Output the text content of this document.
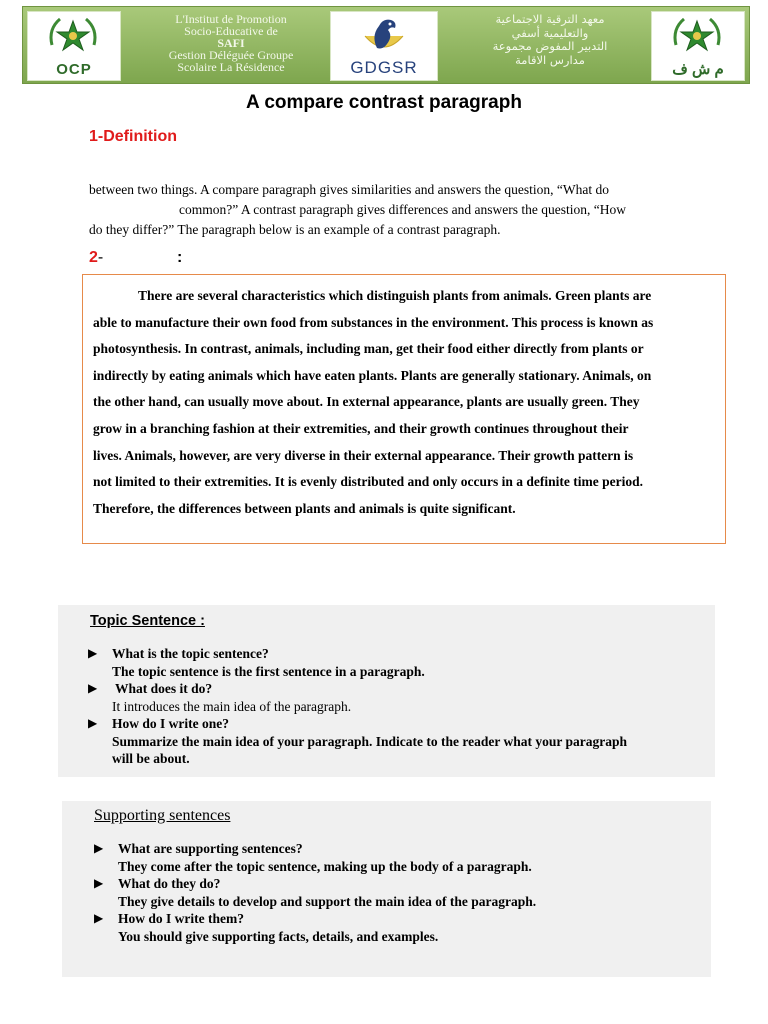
OCP
L'Institut de Promotion
Socio-Educative de
SAFI
Gestion Déléguée Groupe
Scolaire La Résidence	GDGSR
معهد الترقية الاجتماعية
والتعليمية أسفي
التدبير المفوض مجموعة
مدارس الاقامة
م ش ف
A compare contrast paragraph
1-Definition
between two things. A compare paragraph gives similarities and answers the question, “What do
common?” A contrast paragraph gives differences and answers the question, “How
do they differ?” The paragraph below is an example of a contrast paragraph.
2-	:
There are several characteristics which distinguish plants from animals. Green plants are
able to manufacture their own food from substances in the environment. This process is known as
photosynthesis. In contrast, animals, including man, get their food either directly from plants or
indirectly by eating animals which have eaten plants. Plants are generally stationary. Animals, on
the other hand, can usually move about. In external appearance, plants are usually green. They
grow in a branching fashion at their extremities, and their growth continues throughout their
lives. Animals, however, are very diverse in their external appearance. Their growth pattern is
not limited to their extremities. It is evenly distributed and only occurs in a definite time period.
Therefore, the differences between plants and animals is quite significant.
Topic Sentence :
▶ What is the topic sentence?
The topic sentence is the first sentence in a paragraph.
▶ What does it do?
It introduces the main idea of the paragraph.
▶ How do I write one?
Summarize the main idea of your paragraph. Indicate to the reader what your paragraph
will be about.
Supporting sentences
▶ What are supporting sentences?
They come after the topic sentence, making up the body of a paragraph.
▶ What do they do?
They give details to develop and support the main idea of the paragraph.
▶ How do I write them?
You should give supporting facts, details, and examples.
